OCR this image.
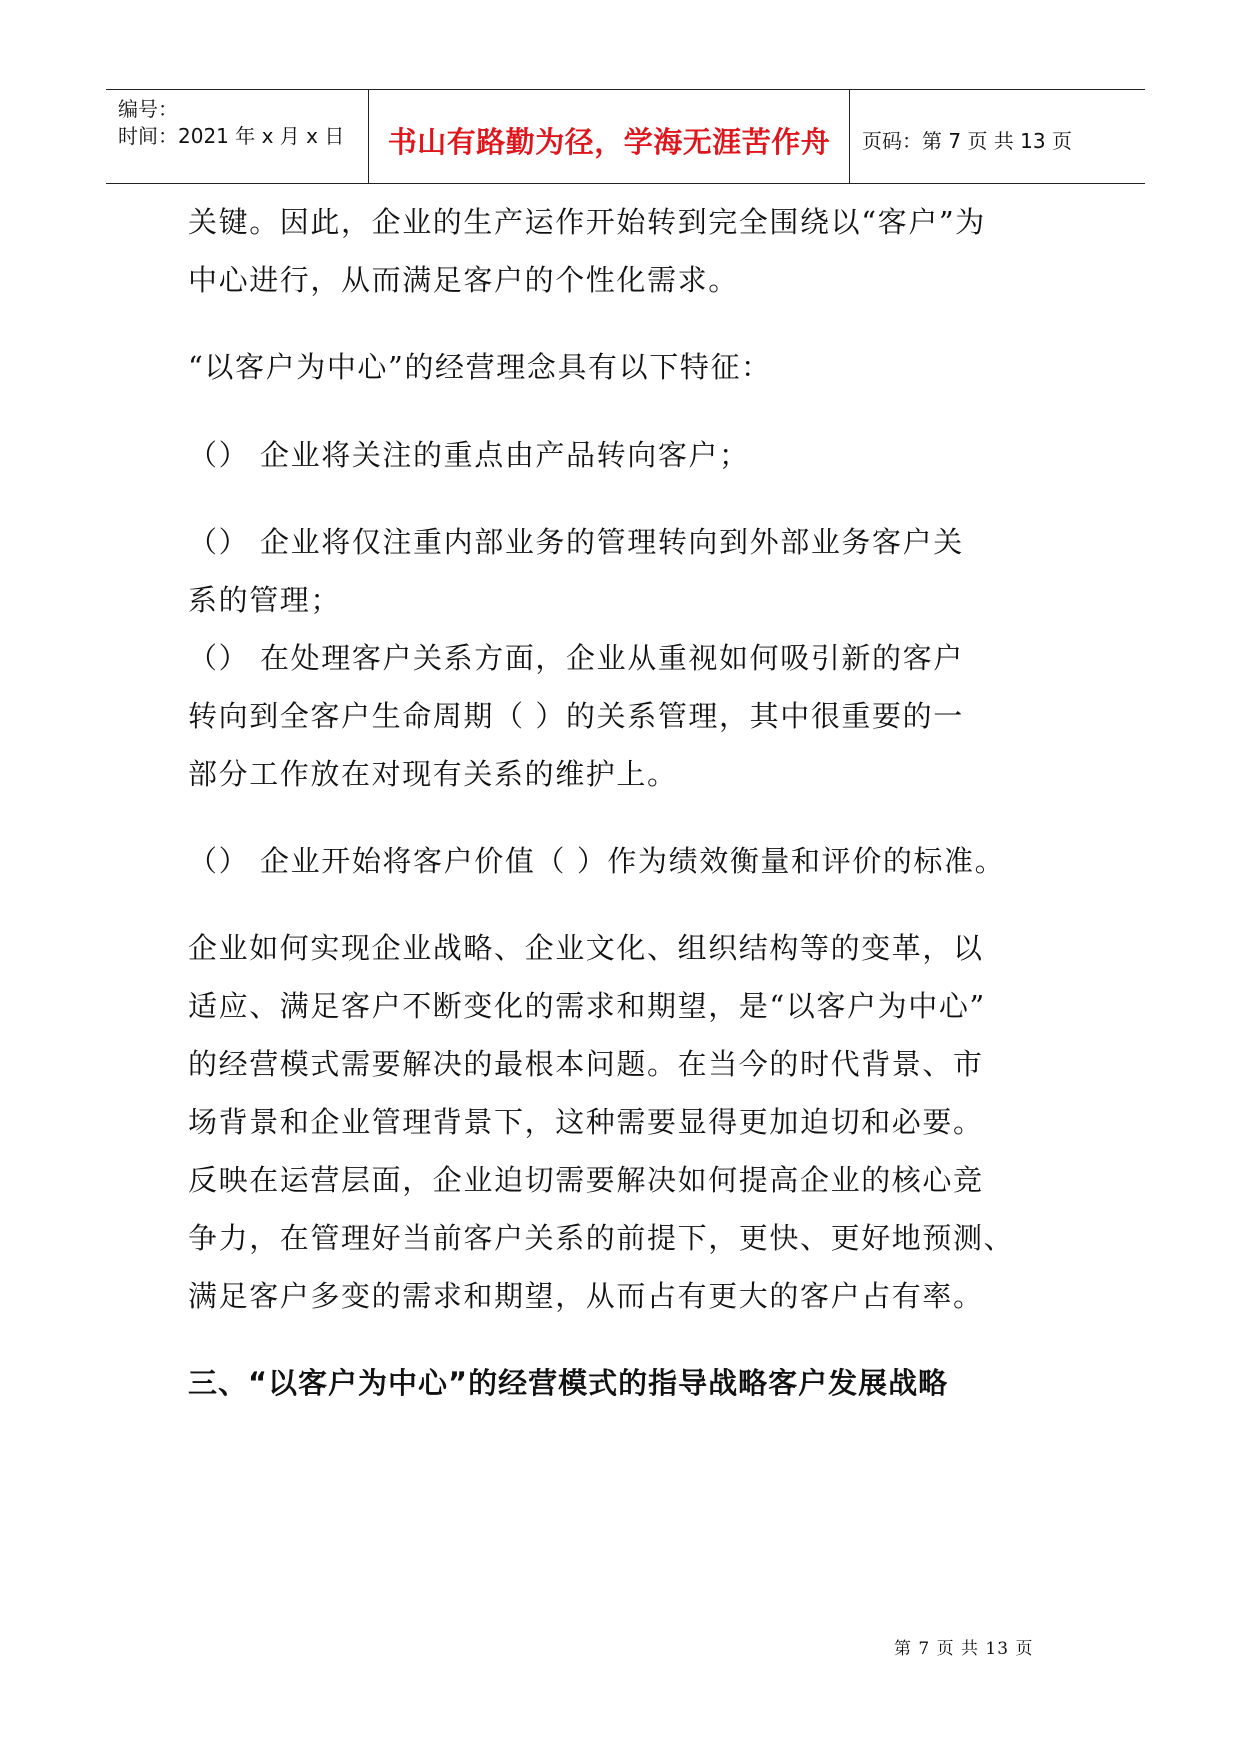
编号：
时间：2021 年 x 月 x 日	书山有路勤为径，学海无涯苦作舟	页码：第 7 页 共 13 页
关键。因此，企业的生产运作开始转到完全围绕以“客户”为
中心进行，从而满足客户的个性化需求。
“以客户为中心”的经营理念具有以下特征：
（） 企业将关注的重点由产品转向客户；
（） 企业将仅注重内部业务的管理转向到外部业务客户关
系的管理；
（） 在处理客户关系方面，企业从重视如何吸引新的客户
转向到全客户生命周期（ ）的关系管理，其中很重要的一
部分工作放在对现有关系的维护上。
（） 企业开始将客户价值（ ）作为绩效衡量和评价的标准。
企业如何实现企业战略、企业文化、组织结构等的变革，以
适应、满足客户不断变化的需求和期望，是“以客户为中心”
的经营模式需要解决的最根本问题。在当今的时代背景、市
场背景和企业管理背景下，这种需要显得更加迫切和必要。
反映在运营层面，企业迫切需要解决如何提高企业的核心竞
争力，在管理好当前客户关系的前提下，更快、更好地预测、
满足客户多变的需求和期望，从而占有更大的客户占有率。
三、“以客户为中心”的经营模式的指导战略客户发展战略
第 7 页 共 13 页
